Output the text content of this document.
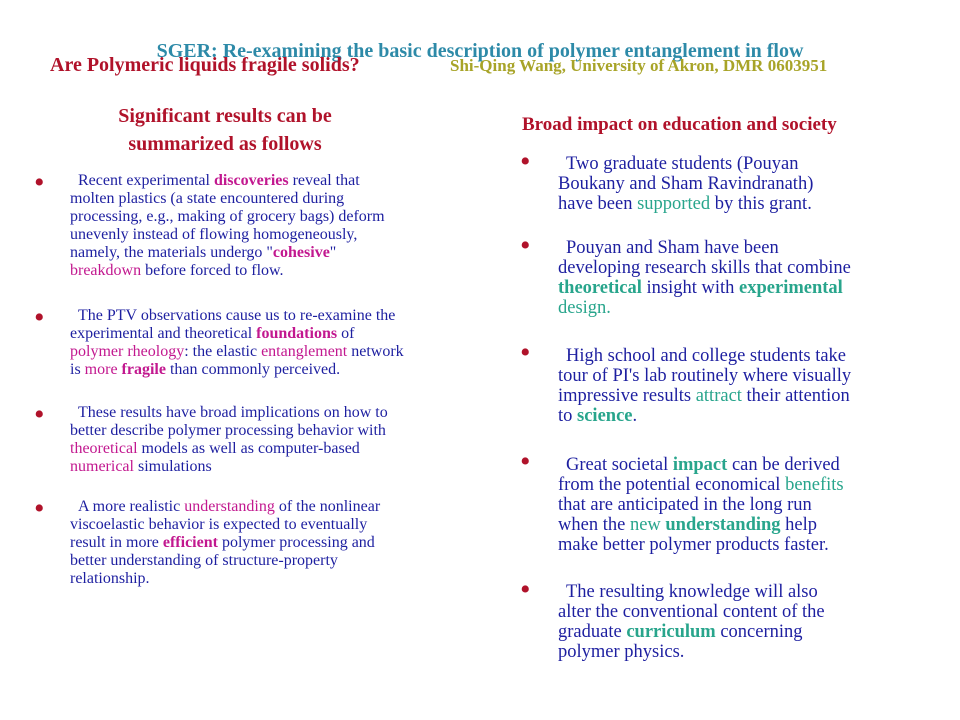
SGER: Re-examining the basic description of polymer entanglement in flow
Are Polymeric liquids fragile solids?	Shi-Qing Wang, University of Akron, DMR 0603951
Significant results can be
summarized as follows
•	Recent experimental discoveries reveal that
molten plastics (a state encountered during
processing, e.g., making of grocery bags) deform
unevenly instead of flowing homogeneously,
namely, the materials undergo "cohesive"
breakdown before forced to flow.
•	The PTV observations cause us to re-examine the
experimental and theoretical foundations of
polymer rheology: the elastic entanglement network
is more fragile than commonly perceived.
•	These results have broad implications on how to
better describe polymer processing behavior with
theoretical models as well as computer-based
numerical simulations
•	A more realistic understanding of the nonlinear
viscoelastic behavior is expected to eventually
result in more efficient polymer processing and
better understanding of structure-property
relationship.
Broad impact on education and society
•	Two graduate students (Pouyan
Boukany and Sham Ravindranath)
have been supported by this grant.
•	Pouyan and Sham have been
developing research skills that combine
theoretical insight with experimental
design.
•	High school and college students take
tour of PI's lab routinely where visually
impressive results attract their attention
to science.
•	Great societal impact can be derived
from the potential economical benefits
that are anticipated in the long run
when the new understanding help
make better polymer products faster.
•	The resulting knowledge will also
alter the conventional content of the
graduate curriculum concerning
polymer physics.
